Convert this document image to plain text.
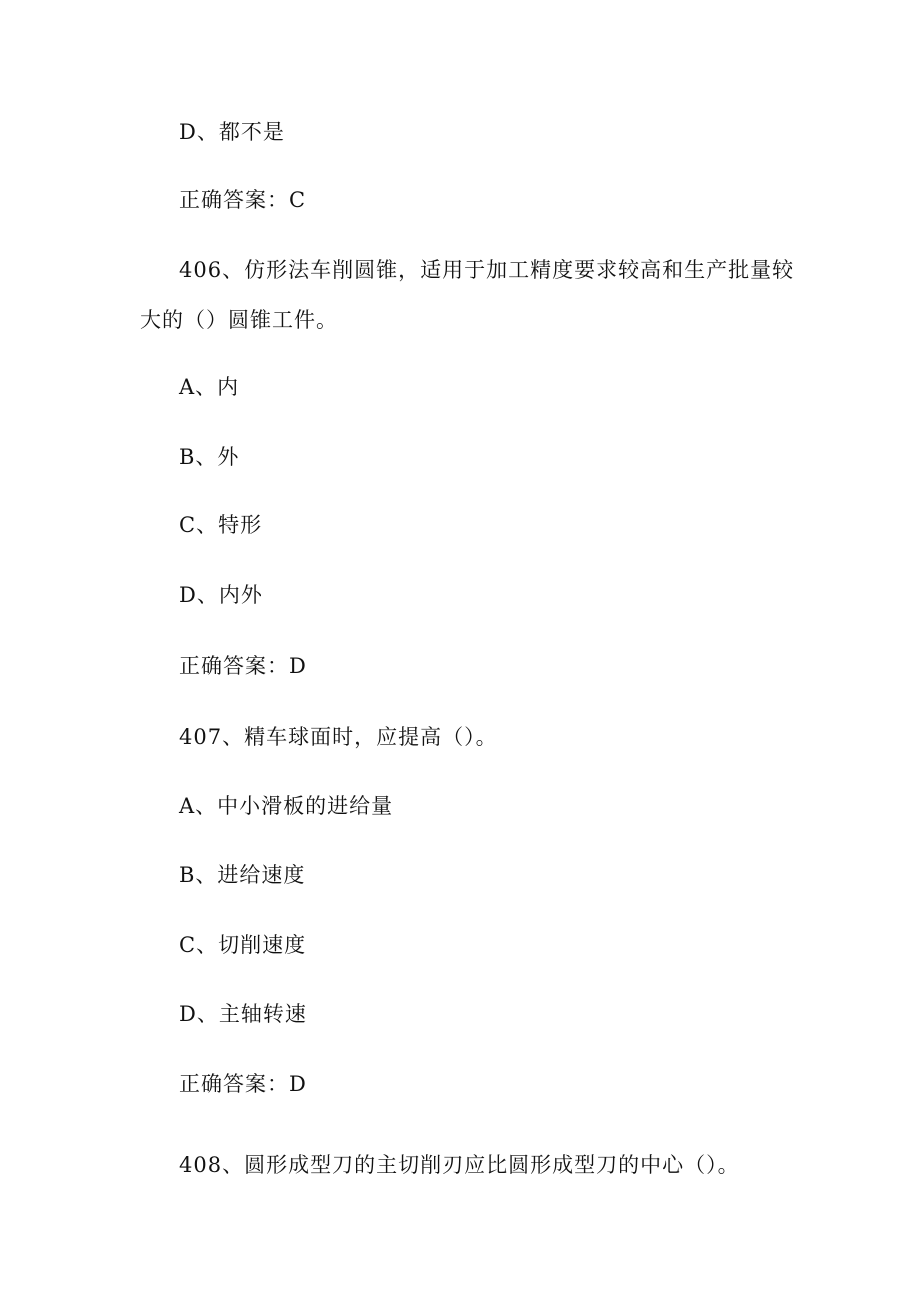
D、都不是
正确答案：C
406、仿形法车削圆锥，适用于加工精度要求较高和生产批量较
大的（）圆锥工件。
A、内
B、外
C、特形
D、内外
正确答案：D
407、精车球面时，应提高（）。
A、中小滑板的进给量
B、进给速度
C、切削速度
D、主轴转速
正确答案：D
408、圆形成型刀的主切削刃应比圆形成型刀的中心（）。
